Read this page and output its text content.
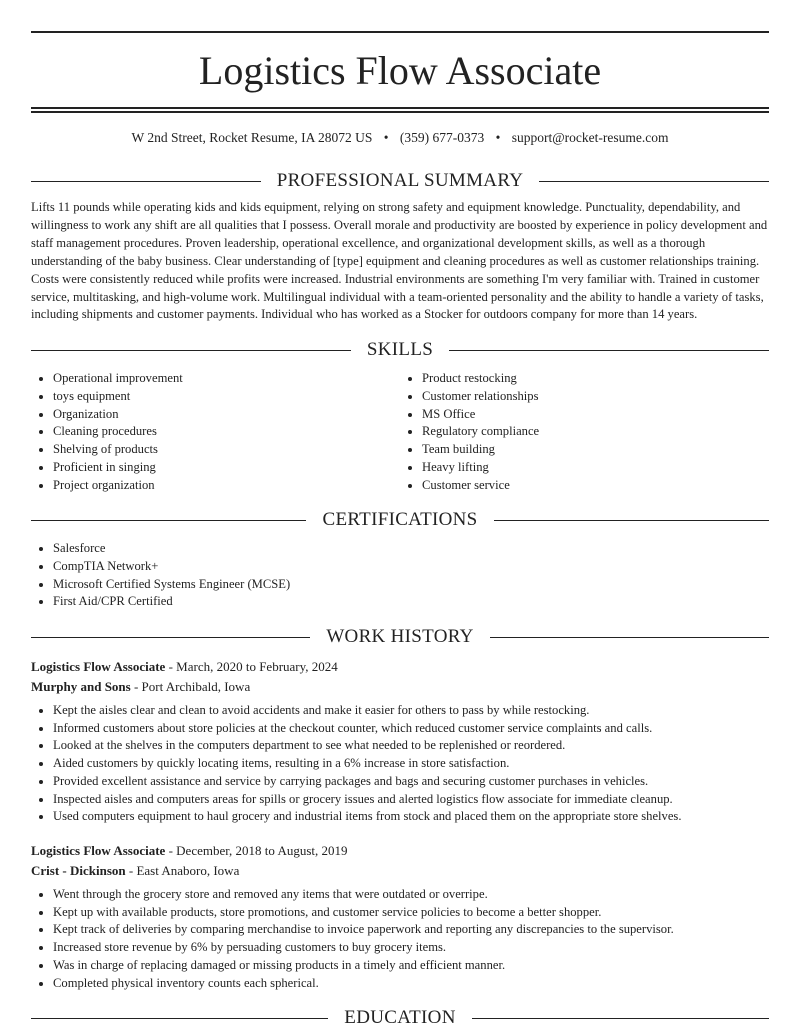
Logistics Flow Associate
W 2nd Street, Rocket Resume, IA 28072 US • (359) 677-0373 • support@rocket-resume.com
PROFESSIONAL SUMMARY

Lifts 11 pounds while operating kids and kids equipment, relying on strong safety and equipment knowledge. Punctuality, dependability, and willingness to work any shift are all qualities that I possess. Overall morale and productivity are boosted by experience in policy development and staff management procedures. Proven leadership, operational excellence, and organizational development skills, as well as a thorough understanding of the baby business. Clear understanding of [type] equipment and cleaning procedures as well as customer relationships training. Costs were consistently reduced while profits were increased. Industrial environments are something I'm very familiar with. Trained in customer service, multitasking, and high-volume work. Multilingual individual with a team-oriented personality and the ability to handle a variety of tasks, including shipments and customer payments. Individual who has worked as a Stocker for outdoors company for more than 14 years.

SKILLS
• Operational improvement
• toys equipment
• Organization
• Cleaning procedures
• Shelving of products
• Proficient in singing
• Project organization
• Product restocking
• Customer relationships
• MS Office
• Regulatory compliance
• Team building
• Heavy lifting
• Customer service
CERTIFICATIONS
• Salesforce
• CompTIA Network+
• Microsoft Certified Systems Engineer (MCSE)
• First Aid/CPR Certified
WORK HISTORY
Logistics Flow Associate - March, 2020 to February, 2024
Murphy and Sons - Port Archibald, Iowa
• Kept the aisles clear and clean to avoid accidents and make it easier for others to pass by while restocking.
• Informed customers about store policies at the checkout counter, which reduced customer service complaints and calls.
• Looked at the shelves in the computers department to see what needed to be replenished or reordered.
• Aided customers by quickly locating items, resulting in a 6% increase in store satisfaction.
• Provided excellent assistance and service by carrying packages and bags and securing customer purchases in vehicles.
• Inspected aisles and computers areas for spills or grocery issues and alerted logistics flow associate for immediate cleanup.
• Used computers equipment to haul grocery and industrial items from stock and placed them on the appropriate store shelves.
Logistics Flow Associate - December, 2018 to August, 2019
Crist - Dickinson - East Anaboro, Iowa
• Went through the grocery store and removed any items that were outdated or overripe.
• Kept up with available products, store promotions, and customer service policies to become a better shopper.
• Kept track of deliveries by comparing merchandise to invoice paperwork and reporting any discrepancies to the supervisor.
• Increased store revenue by 6% by persuading customers to buy grocery items.
• Was in charge of replacing damaged or missing products in a timely and efficient manner.
• Completed physical inventory counts each spherical.
EDUCATION
